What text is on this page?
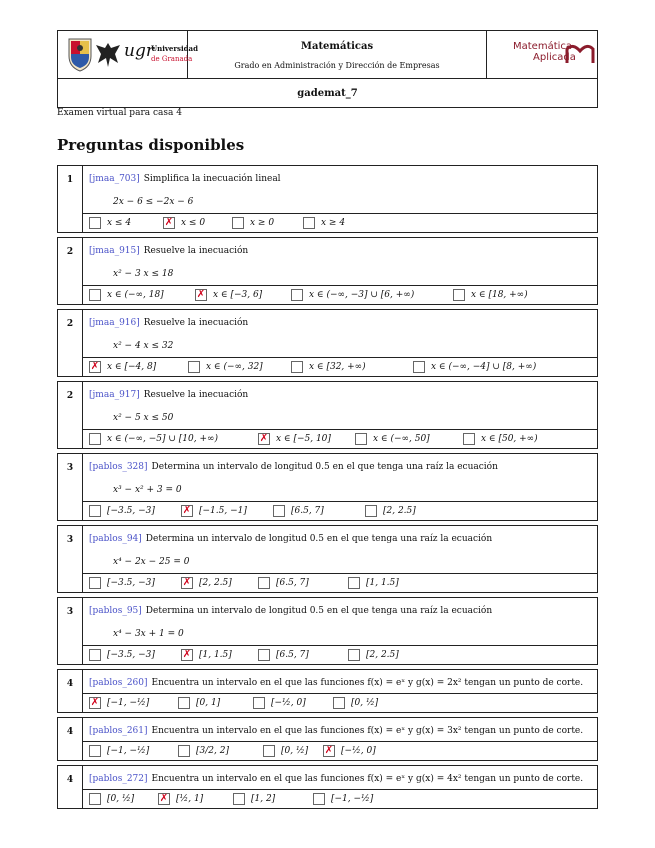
ugr
Universidad
de Granada
Matemáticas
Grado en Administración y Dirección de Empresas
Matemática
Aplicada
gademat_7
Examen virtual para casa 4
Preguntas disponibles
1	[jmaa_703] Simplifica la inecuación lineal
2x − 6 ≤ −2x − 6
x ≤ 4	✗ x ≤ 0	x ≥ 0	x ≥ 4
2	[jmaa_915] Resuelve la inecuación
x² − 3 x ≤ 18
x ∈ (−∞, 18]	✗ x ∈ [−3, 6]	x ∈ (−∞, −3] ∪ [6, +∞)	x ∈ [18, +∞)
2	[jmaa_916] Resuelve la inecuación
x² − 4 x ≤ 32
✗ x ∈ [−4, 8]	x ∈ (−∞, 32]	x ∈ [32, +∞)	x ∈ (−∞, −4] ∪ [8, +∞)
2	[jmaa_917] Resuelve la inecuación
x² − 5 x ≤ 50
x ∈ (−∞, −5] ∪ [10, +∞)	✗ x ∈ [−5, 10]	x ∈ (−∞, 50]	x ∈ [50, +∞)
3	[pablos_328] Determina un intervalo de longitud 0.5 en el que tenga una raíz la ecuación
x³ − x² + 3 = 0
[−3.5, −3]	✗ [−1.5, −1]	[6.5, 7]	[2, 2.5]
3	[pablos_94] Determina un intervalo de longitud 0.5 en el que tenga una raíz la ecuación
x⁴ − 2x − 25 = 0
[−3.5, −3]	✗ [2, 2.5]	[6.5, 7]	[1, 1.5]
3	[pablos_95] Determina un intervalo de longitud 0.5 en el que tenga una raíz la ecuación
x⁴ − 3x + 1 = 0
[−3.5, −3]	✗ [1, 1.5]	[6.5, 7]	[2, 2.5]
4	[pablos_260] Encuentra un intervalo en el que las funciones f(x) = eˣ y g(x) = 2x² tengan un punto de corte.
✗ [−1, −½]	[0, 1]	[−½, 0]	[0, ½]
4	[pablos_261] Encuentra un intervalo en el que las funciones f(x) = eˣ y g(x) = 3x² tengan un punto de corte.
[−1, −½]	[3/2, 2]	[0, ½] ✗ [−½, 0]
4	[pablos_272] Encuentra un intervalo en el que las funciones f(x) = eˣ y g(x) = 4x² tengan un punto de corte.
[0, ½]	✗ [½, 1]	[1, 2]	[−1, −½]
